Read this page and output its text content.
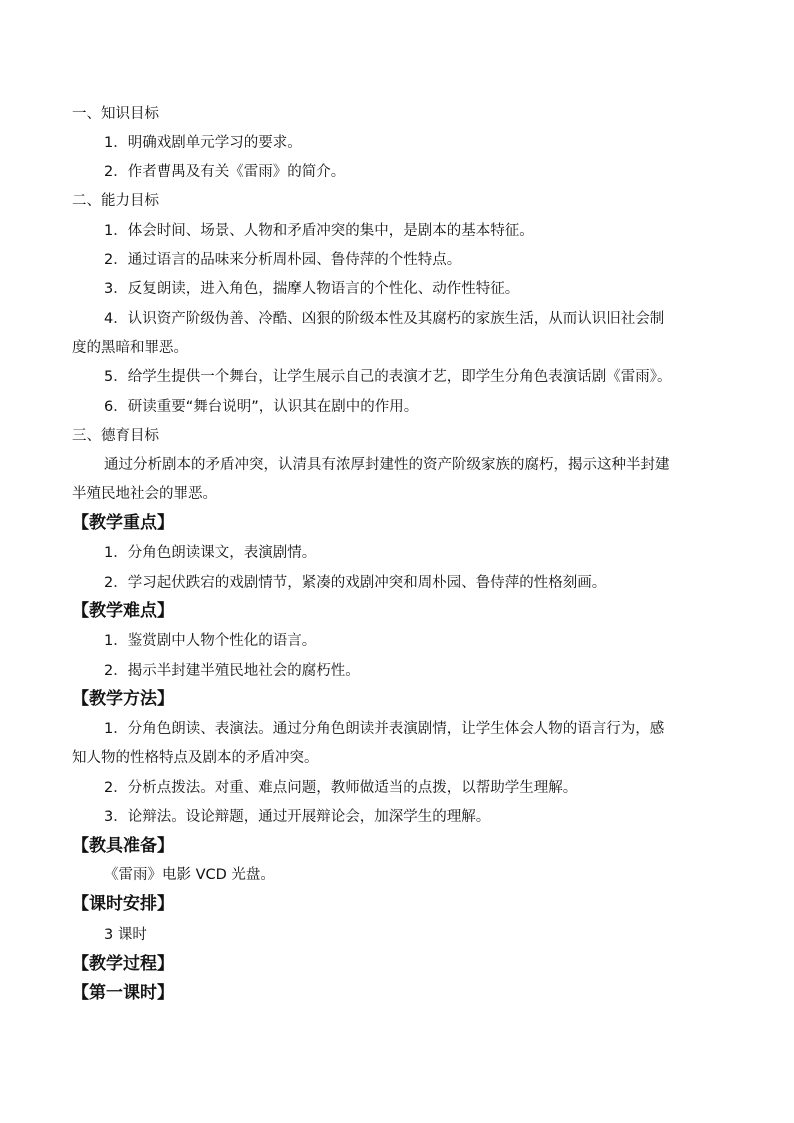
一、知识目标
1．明确戏剧单元学习的要求。
2．作者曹禺及有关《雷雨》的简介。
二、能力目标
1．体会时间、场景、人物和矛盾冲突的集中，是剧本的基本特征。
2．通过语言的品味来分析周朴园、鲁侍萍的个性特点。
3．反复朗读，进入角色，揣摩人物语言的个性化、动作性特征。
4．认识资产阶级伪善、冷酷、凶狠的阶级本性及其腐朽的家族生活，从而认识旧社会制
度的黑暗和罪恶。
5．给学生提供一个舞台，让学生展示自己的表演才艺，即学生分角色表演话剧《雷雨》。
6．研读重要“舞台说明”，认识其在剧中的作用。
三、德育目标
通过分析剧本的矛盾冲突，认清具有浓厚封建性的资产阶级家族的腐朽，揭示这种半封建
半殖民地社会的罪恶。
【教学重点】
1．分角色朗读课文，表演剧情。
2．学习起伏跌宕的戏剧情节，紧凑的戏剧冲突和周朴园、鲁侍萍的性格刻画。
【教学难点】
1．鉴赏剧中人物个性化的语言。
2．揭示半封建半殖民地社会的腐朽性。
【教学方法】
1．分角色朗读、表演法。通过分角色朗读并表演剧情，让学生体会人物的语言行为，感
知人物的性格特点及剧本的矛盾冲突。
2．分析点拨法。对重、难点问题，教师做适当的点拨，以帮助学生理解。
3．论辩法。设论辩题，通过开展辩论会，加深学生的理解。
【教具准备】
《雷雨》电影 VCD 光盘。
【课时安排】
3 课时
【教学过程】
【第一课时】
